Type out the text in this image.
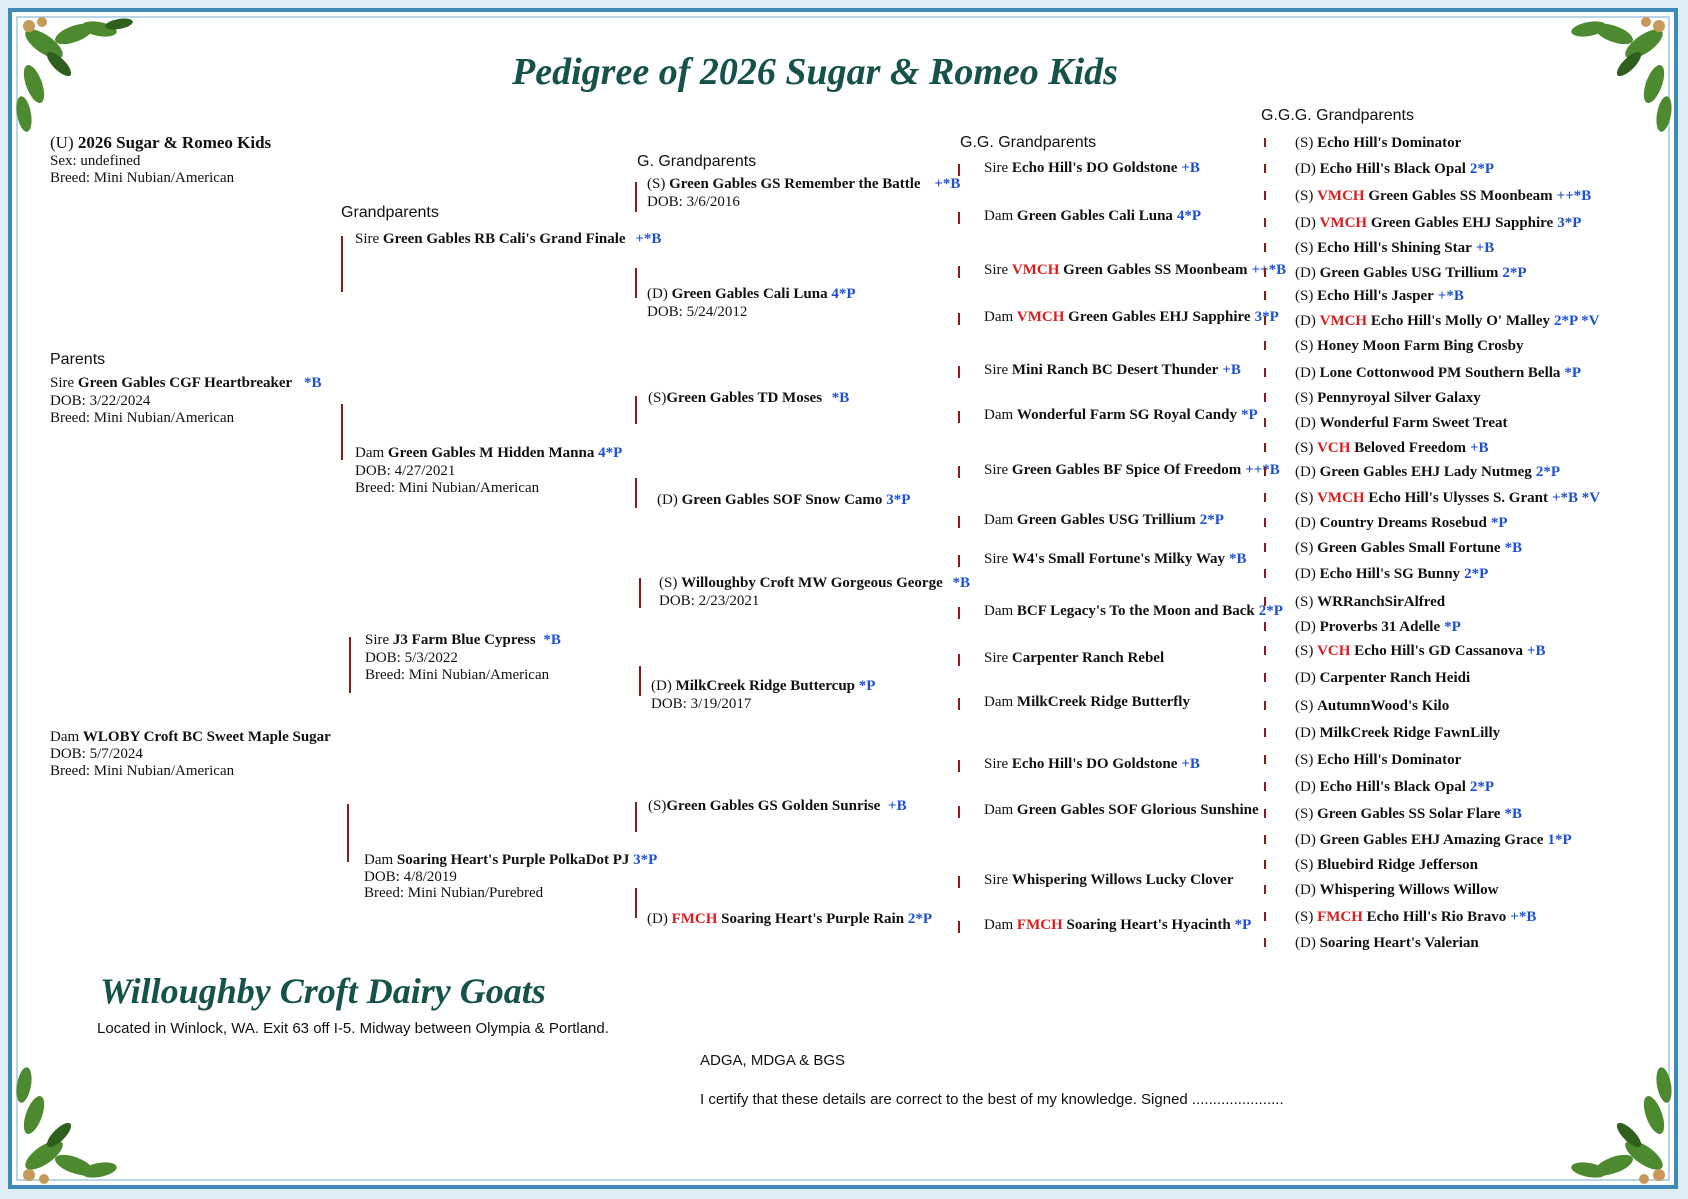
Pedigree of 2026 Sugar & Romeo Kids
Parents
Grandparents
G. Grandparents
G.G. Grandparents
G.G.G. Grandparents
(U) 2026 Sugar & Romeo Kids
Sex: undefined
Breed: Mini Nubian/American
Sire Green Gables CGF Heartbreaker *B
DOB: 3/22/2024
Breed: Mini Nubian/American
Dam WLOBY Croft BC Sweet Maple Sugar
DOB: 5/7/2024
Breed: Mini Nubian/American
Sire Green Gables RB Cali's Grand Finale +*B
Dam Green Gables M Hidden Manna 4*P
DOB: 4/27/2021
Breed: Mini Nubian/American
Sire J3 Farm Blue Cypress *B
DOB: 5/3/2022
Breed: Mini Nubian/American
Dam Soaring Heart's Purple PolkaDot PJ 3*P
DOB: 4/8/2019
Breed: Mini Nubian/Purebred
(S) Green Gables GS Remember the Battle +*B
DOB: 3/6/2016
(D) Green Gables Cali Luna 4*P
DOB: 5/24/2012
(S)Green Gables TD Moses *B
(D) Green Gables SOF Snow Camo 3*P
(S) Willoughby Croft MW Gorgeous George *B
DOB: 2/23/2021
(D) MilkCreek Ridge Buttercup *P
DOB: 3/19/2017
(S)Green Gables GS Golden Sunrise +B
(D) FMCH Soaring Heart's Purple Rain 2*P
Sire Echo Hill's DO Goldstone +B
Dam Green Gables Cali Luna 4*P
Sire VMCH Green Gables SS Moonbeam ++*B
Dam VMCH Green Gables EHJ Sapphire 3*P
Sire Mini Ranch BC Desert Thunder +B
Dam Wonderful Farm SG Royal Candy *P
Sire Green Gables BF Spice Of Freedom ++*B
Dam Green Gables USG Trillium 2*P
Sire W4's Small Fortune's Milky Way *B
Dam BCF Legacy's To the Moon and Back 2*P
Sire Carpenter Ranch Rebel
Dam MilkCreek Ridge Butterfly
Sire Echo Hill's DO Goldstone +B
Dam Green Gables SOF Glorious Sunshine
Sire Whispering Willows Lucky Clover
Dam FMCH Soaring Heart's Hyacinth *P
(S) Echo Hill's Dominator
(D) Echo Hill's Black Opal 2*P
(S) VMCH Green Gables SS Moonbeam ++*B
(D) VMCH Green Gables EHJ Sapphire 3*P
(S) Echo Hill's Shining Star +B
(D) Green Gables USG Trillium 2*P
(S) Echo Hill's Jasper +*B
(D) VMCH Echo Hill's Molly O' Malley 2*P *V
(S) Honey Moon Farm Bing Crosby
(D) Lone Cottonwood PM Southern Bella *P
(S) Pennyroyal Silver Galaxy
(D) Wonderful Farm Sweet Treat
(S) VCH Beloved Freedom +B
(D) Green Gables EHJ Lady Nutmeg 2*P
(S) VMCH Echo Hill's Ulysses S. Grant +*B *V
(D) Country Dreams Rosebud *P
(S) Green Gables Small Fortune *B
(D) Echo Hill's SG Bunny 2*P
(S) WRRanchSirAlfred
(D) Proverbs 31 Adelle *P
(S) VCH Echo Hill's GD Cassanova +B
(D) Carpenter Ranch Heidi
(S) AutumnWood's Kilo
(D) MilkCreek Ridge FawnLilly
(S) Echo Hill's Dominator
(D) Echo Hill's Black Opal 2*P
(S) Green Gables SS Solar Flare *B
(D) Green Gables EHJ Amazing Grace 1*P
(S) Bluebird Ridge Jefferson
(D) Whispering Willows Willow
(S) FMCH Echo Hill's Rio Bravo +*B
(D) Soaring Heart's Valerian
Willoughby Croft Dairy Goats
Located in Winlock, WA. Exit 63 off I-5. Midway between Olympia & Portland.
ADGA, MDGA & BGS
I certify that these details are correct to the best of my knowledge. Signed ......................
